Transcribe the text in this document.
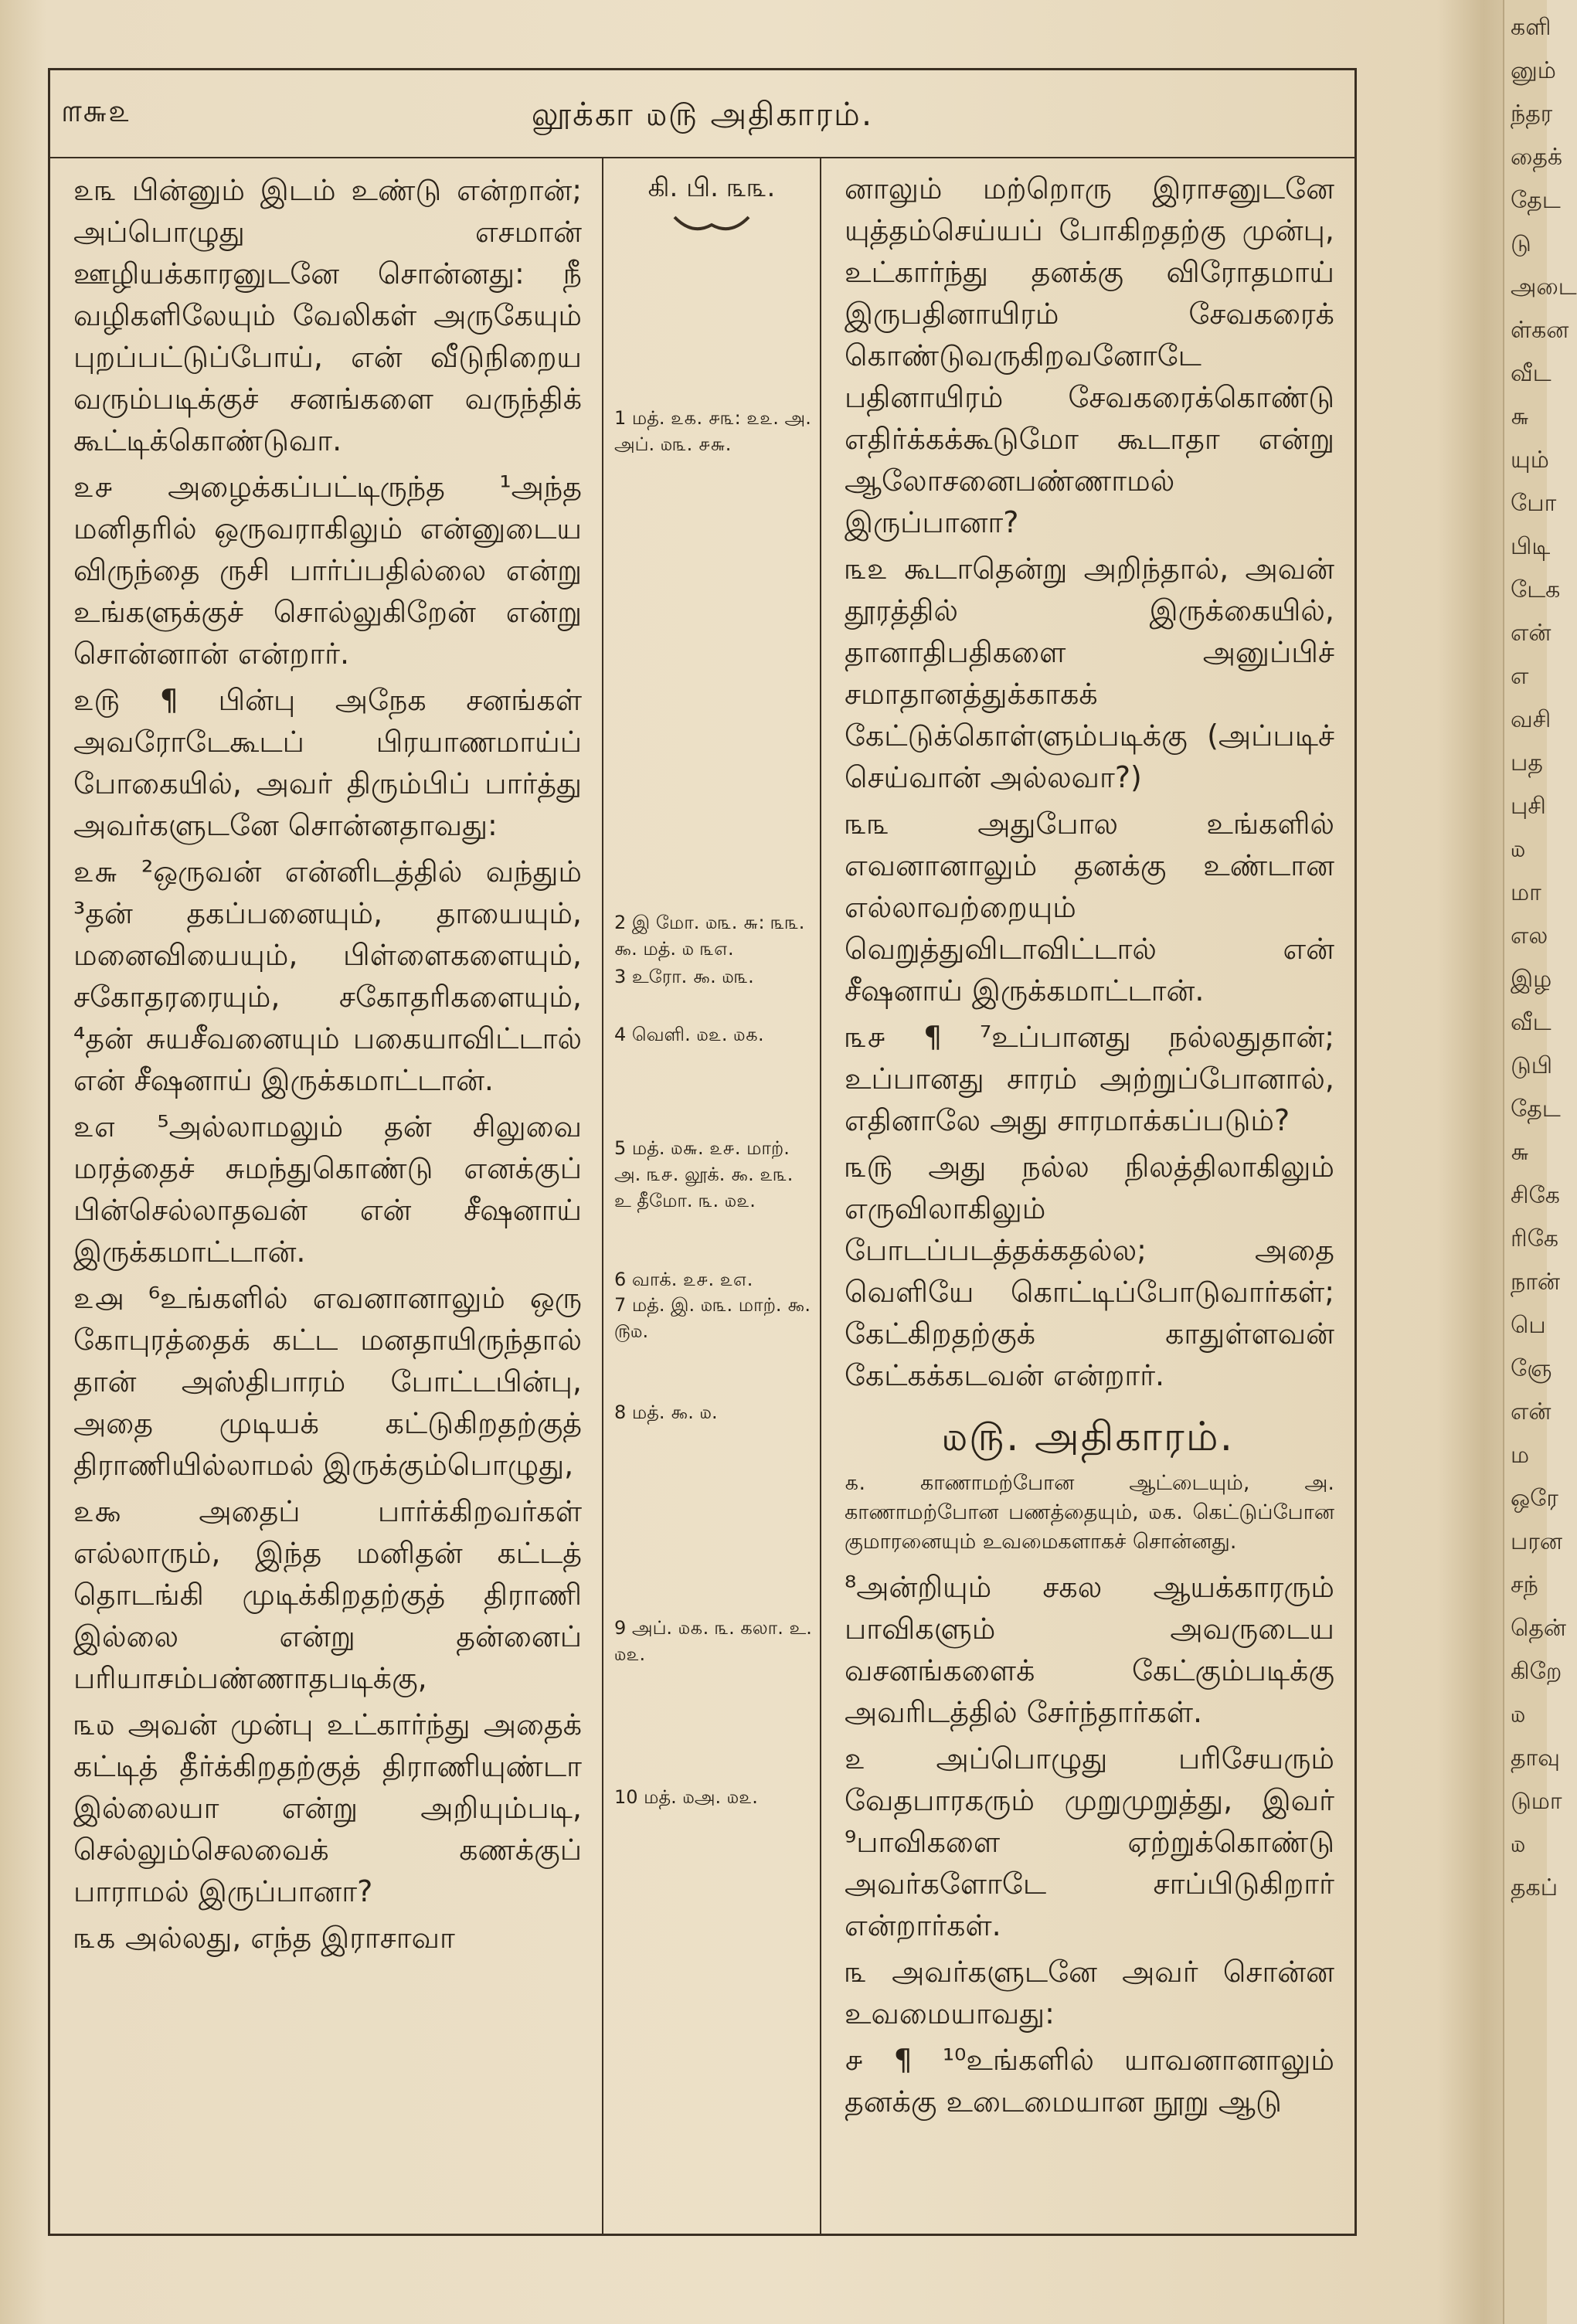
களி
னும்
ந்தர
தைக்
தேட
டு
அடை
ள்கன
வீட
௬
யும்
போ
பிடி
டேக
என்
எ
வசி
பத
புசி
௰
மா
எல
இழ
வீட
டுபி
தேட
௬
சிகே
ரிகே
நான்
பெ
ஞே
என்
ம
ஒரே
பரன
சந்
தென்
கிறே
௰
தாவு
டுமா
௰
தகப்
௱௬௨	லூக்கா ௰௫ அதிகாரம்.

௨௩ பின்னும் இடம் உண்டு என்றான்; அப்பொழுது எசமான் ஊழியக்காரனுடனே சொன்னது: நீ வழிகளிலேயும் வேலிகள் அருகேயும் புறப்பட்டுப்போய், என் வீடுநிறைய வரும்படிக்குச் சனங்களை வருந்திக் கூட்டிக்கொண்டுவா.

௨௪ அழைக்கப்பட்டிருந்த ¹அந்த மனிதரில் ஒருவராகிலும் என்னுடைய விருந்தை ருசி பார்ப்பதில்லை என்று உங்களுக்குச் சொல்லுகிறேன் என்று சொன்னான் என்றார்.

௨௫ ¶ பின்பு அநேக சனங்கள் அவரோடேகூடப் பிரயாணமாய்ப் போகையில், அவர் திரும்பிப் பார்த்து அவர்களுடனே சொன்னதாவது:

௨௬ ²ஒருவன் என்னிடத்தில் வந்தும் ³தன் தகப்பனையும், தாயையும், மனைவியையும், பிள்ளைகளையும், சகோதரரையும், சகோதரிகளையும், ⁴தன் சுயசீவனையும் பகையாவிட்டால் என் சீஷனாய் இருக்கமாட்டான்.

௨௭ ⁵அல்லாமலும் தன் சிலுவை மரத்தைச் சுமந்துகொண்டு எனக்குப் பின்செல்லாதவன் என் சீஷனாய் இருக்கமாட்டான்.

௨௮ ⁶உங்களில் எவனானாலும் ஒரு கோபுரத்தைக் கட்ட மனதாயிருந்தால் தான் அஸ்திபாரம் போட்டபின்பு, அதை முடியக் கட்டுகிறதற்குத் திராணியில்லாமல் இருக்கும்பொழுது,

௨௯ அதைப் பார்க்கிறவர்கள் எல்லாரும், இந்த மனிதன் கட்டத் தொடங்கி முடிக்கிறதற்குத் திராணி இல்லை என்று தன்னைப் பரியாசம்பண்ணாதபடிக்கு,

௩௰ அவன் முன்பு உட்கார்ந்து அதைக் கட்டித் தீர்க்கிறதற்குத் திராணியுண்டா இல்லையா என்று அறியும்படி, செல்லும்செலவைக் கணக்குப் பாராமல் இருப்பானா?

௩௧ அல்லது, எந்த இராசாவா

கி. பி. ௩௩.
1 மத். ௨௧. ௪௩: ௨௨. அ. அப். ௰௩. ௪௬.
2 இ மோ. ௰௩. ௬: ௩௩. ௯. மத். ௰ ௩௭.
3 உரோ. ௯. ௰௩.
4 வெளி. ௰௨. ௰௧.
5 மத். ௰௬. ௨௪. மாற். அ. ௩௪. லூக். ௯. ௨௩. உ தீமோ. ௩. ௰௨.
6 வாக். ௨௪. ௨௭.
7 மத். இ. ௰௩. மாற். ௯. ௫௰.
8 மத். ௯. ௰.
9 அப். ௰௧. ௩. கலா. உ. ௰௨.
10 மத். ௰அ. ௰௨.

னாலும் மற்றொரு இராசனுடனே யுத்தம்செய்யப் போகிறதற்கு முன்பு, உட்கார்ந்து தனக்கு விரோதமாய் இருபதினாயிரம் சேவகரைக் கொண்டுவருகிறவனோடே பதினாயிரம் சேவகரைக்கொண்டு எதிர்க்கக்கூடுமோ கூடாதா என்று ஆலோசனைபண்ணாமல் இருப்பானா?

௩௨ கூடாதென்று அறிந்தால், அவன் தூரத்தில் இருக்கையில், தானாதிபதிகளை அனுப்பிச் சமாதானத்துக்காகக் கேட்டுக்கொள்ளும்படிக்கு (அப்படிச் செய்வான் அல்லவா?)

௩௩ அதுபோல உங்களில் எவனானாலும் தனக்கு உண்டான எல்லாவற்றையும் வெறுத்துவிடாவிட்டால் என் சீஷனாய் இருக்கமாட்டான்.

௩௪ ¶ ⁷உப்பானது நல்லதுதான்; உப்பானது சாரம் அற்றுப்போனால், எதினாலே அது சாரமாக்கப்படும்?

௩௫ அது நல்ல நிலத்திலாகிலும் எருவிலாகிலும் போடப்படத்தக்கதல்ல; அதை வெளியே கொட்டிப்போடுவார்கள்; கேட்கிறதற்குக் காதுள்ளவன் கேட்கக்கடவன் என்றார்.

௰௫. அதிகாரம்.

௧. காணாமற்போன ஆட்டையும், அ. காணாமற்போன பணத்தையும், ௰௧. கெட்டுப்போன குமாரனையும் உவமைகளாகச் சொன்னது.

⁸அன்றியும் சகல ஆயக்காரரும் பாவிகளும் அவருடைய வசனங்களைக் கேட்கும்படிக்கு அவரிடத்தில் சேர்ந்தார்கள்.

௨ அப்பொழுது பரிசேயரும் வேதபாரகரும் முறுமுறுத்து, இவர் ⁹பாவிகளை ஏற்றுக்கொண்டு அவர்களோடே சாப்பிடுகிறார் என்றார்கள்.

௩ அவர்களுடனே அவர் சொன்ன உவமையாவது:

௪ ¶ ¹⁰உங்களில் யாவனானாலும் தனக்கு உடைமையான நூறு ஆடு
